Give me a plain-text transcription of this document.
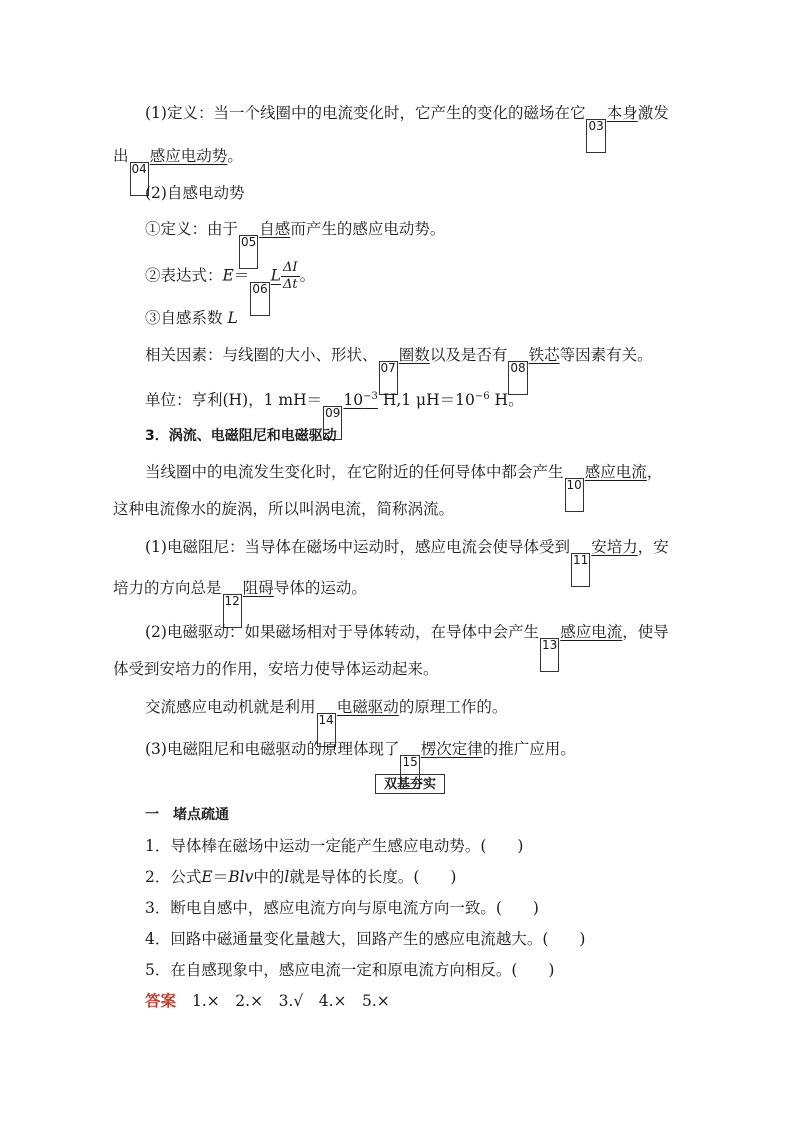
(1)定义：当一个线圈中的电流变化时，它产生的变化的磁场在它03本身激发
出04感应电动势。
(2)自感电动势
①定义：由于05自感而产生的感应电动势。
②表达式：$E=06L \frac{\Delta I}{\Delta t}$ 。
③自感系数 L
相关因素：与线圈的大小、形状、07圈数以及是否有08铁芯等因素有关。
单位：亨利(H)，1 $mH=0910^{-3}$ H,1 $\mu H=10^{-6}$ H。
3．涡流、电磁阻尼和电磁驱动
当线圈中的电流发生变化时，在它附近的任何导体中都会产生10感应电流，
这种电流像水的旋涡，所以叫涡电流，简称涡流。
(1)电磁阻尼：当导体在磁场中运动时，感应电流会使导体受到11安培力，安
培力的方向总是12阻碍导体的运动。
(2)电磁驱动：如果磁场相对于导体转动，在导体中会产生13感应电流，使导
体受到安培力的作用，安培力使导体运动起来。
交流感应电动机就是利用14电磁驱动的原理工作的。
(3)电磁阻尼和电磁驱动的原理体现了15楞次定律的推广应用。
双基夯实
一　堵点疏通
1．导体棒在磁场中运动一定能产生感应电动势。(　　)
2．公式E＝Blv中的l就是导体的长度。(　　)
3．断电自感中，感应电流方向与原电流方向一致。(　　)
4．回路中磁通量变化量越大，回路产生的感应电流越大。(　　)
5．在自感现象中，感应电流一定和原电流方向相反。(　　)
答案 1.×　2.×　3.√　4.×　5.×
